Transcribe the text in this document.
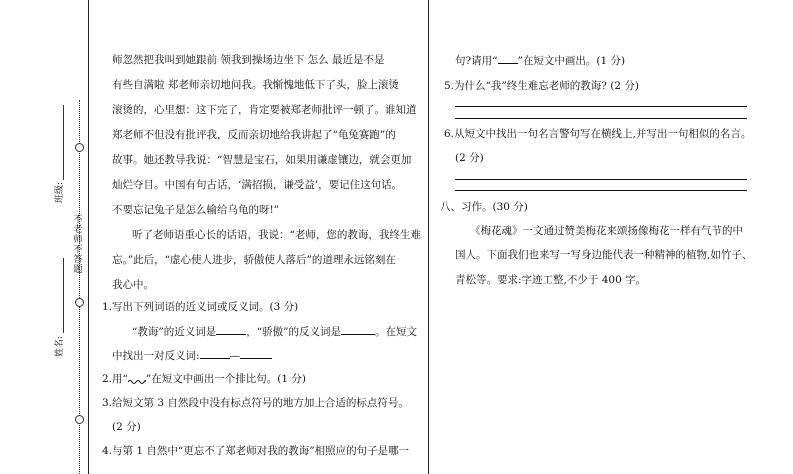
不
老
师
不
答
题
班级:
姓名:
师忽然把我叫到她跟前 领我到操场边坐下 怎么 最近是不是
有些自满啦 郑老师亲切地问我。我惭愧地低下了头，脸上滚烫
滚烫的，心里想：这下完了，肯定要被郑老师批评一顿了。谁知道
郑老师不但没有批评我，反而亲切地给我讲起了“龟兔赛跑”的
故事。她还教导我说：“智慧是宝石，如果用谦虚镶边，就会更加
灿烂夺目。中国有句古话，‘满招损，谦受益’，要记住这句话。
不要忘记兔子是怎么输给乌龟的呀!”
听了老师语重心长的话语，我说：“老师，您的教诲，我终生难
忘。”此后，“虚心使人进步，骄傲使人落后”的道理永远铭刻在
我心中。
1.写出下列词语的近义词或反义词。(3 分)
“教诲”的近义词是	，“骄傲”的反义词是	。在短文
中找出一对反义词:	—
2.用“ ”在短文中画出一个排比句。(1 分)
3.给短文第 3 自然段中没有标点符号的地方加上合适的标点符号。
(2 分)
4.与第 1 自然中“更忘不了郑老师对我的教诲”相照应的句子是哪一
句?请用“ ”在短文中画出。(1 分)
5.为什么“我”终生难忘老师的教诲? (2 分)
6.从短文中找出一句名言警句写在横线上,并写出一句相似的名言。
(2 分)
八、习作。(30 分)
《梅花魂》一文通过赞美梅花来颂扬像梅花一样有气节的中
国人。下面我们也来写一写身边能代表一种精神的植物,如竹子、
青松等。要求:字迹工整,不少于 400 字。
